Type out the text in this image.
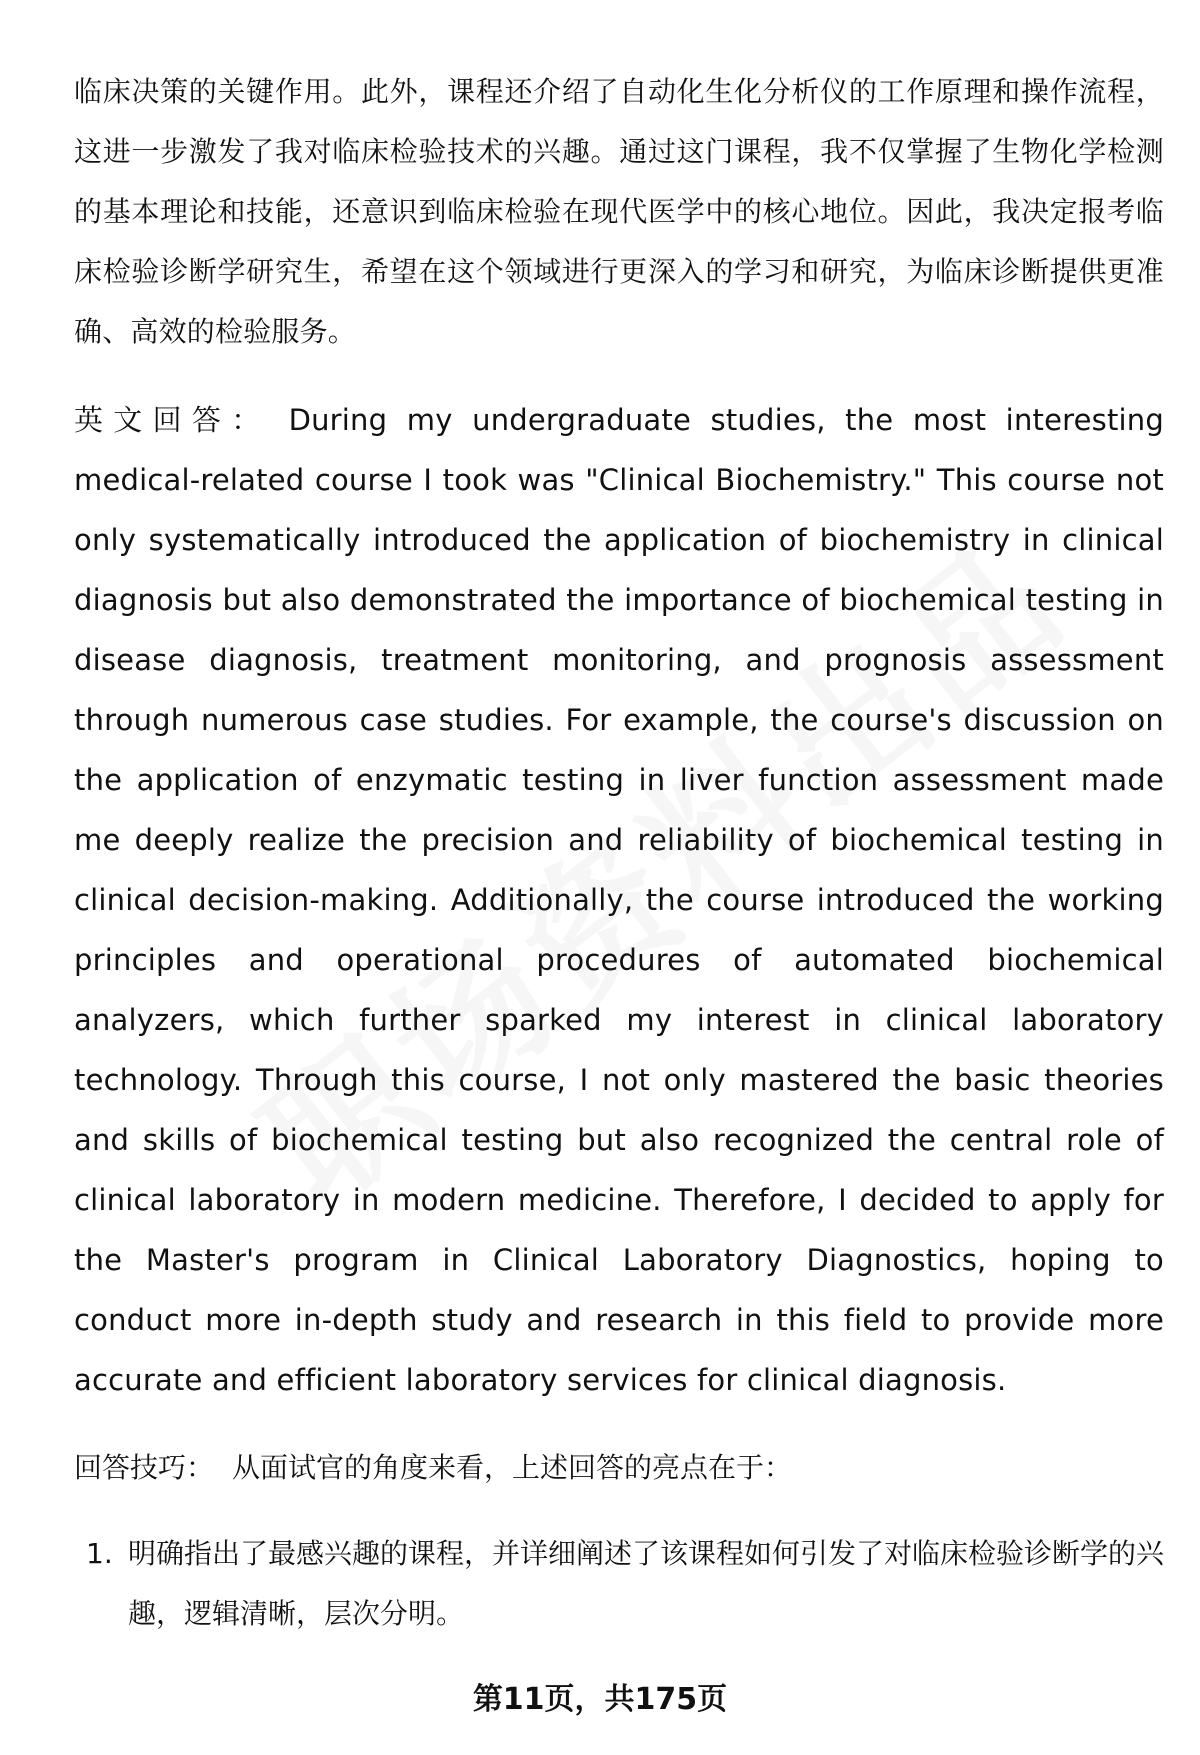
临床决策的关键作用。此外，课程还介绍了自动化生化分析仪的工作原理和操作流程，这进一步激发了我对临床检验技术的兴趣。通过这门课程，我不仅掌握了生物化学检测的基本理论和技能，还意识到临床检验在现代医学中的核心地位。因此，我决定报考临床检验诊断学研究生，希望在这个领域进行更深入的学习和研究，为临床诊断提供更准确、高效的检验服务。

英文回答： During my undergraduate studies, the most interesting medical-related course I took was "Clinical Biochemistry." This course not only systematically introduced the application of biochemistry in clinical diagnosis but also demonstrated the importance of biochemical testing in disease diagnosis, treatment monitoring, and prognosis assessment through numerous case studies. For example, the course's discussion on the application of enzymatic testing in liver function assessment made me deeply realize the precision and reliability of biochemical testing in clinical decision-making. Additionally, the course introduced the working principles and operational procedures of automated biochemical analyzers, which further sparked my interest in clinical laboratory technology. Through this course, I not only mastered the basic theories and skills of biochemical testing but also recognized the central role of clinical laboratory in modern medicine. Therefore, I decided to apply for the Master's program in Clinical Laboratory Diagnostics, hoping to conduct more in-depth study and research in this field to provide more accurate and efficient laboratory services for clinical diagnosis.

回答技巧： 从面试官的角度来看，上述回答的亮点在于：

1. 明确指出了最感兴趣的课程，并详细阐述了该课程如何引发了对临床检验诊断学的兴趣，逻辑清晰，层次分明。
第11页，共175页
